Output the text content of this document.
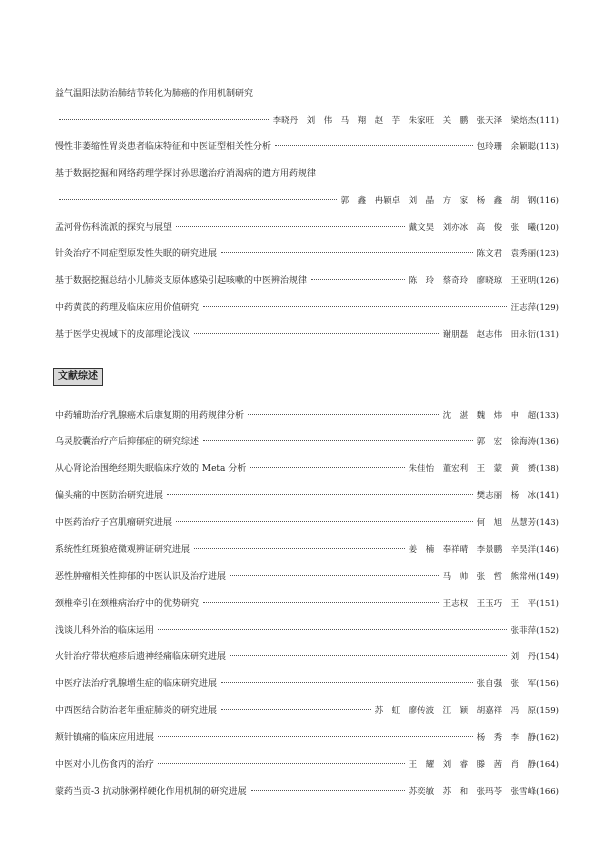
益气温阳法防治肺结节转化为肺癌的作用机制研究
李晓丹　刘　伟　马　翔　赵　芋　朱家旺　关　鹏　张天泽　梁焙杰 (111)
慢性非萎缩性胃炎患者临床特征和中医证型相关性分析	包玲珊　余颖聪 (113)
基于数据挖掘和网络药理学探讨孙思邈治疗消渴病的遣方用药规律
郭　鑫　冉颖卓　刘　晶　方　家　杨　鑫　胡　钢 (116)
孟河骨伤科流派的探究与展望	戴文昊　刘亦冰　高　俊　张　曦 (120)
针灸治疗不同症型原发性失眠的研究进展	陈文君　袁秀丽 (123)
基于数据挖掘总结小儿肺炎支原体感染引起咳嗽的中医辨治规律	陈　玲　蔡奇玲　廖晓琼　王亚明 (126)
中药黄芪的药理及临床应用价值研究	汪志萍 (129)
基于医学史视域下的皮部理论浅议	谢朋磊　赵志伟　田永衍 (131)
文献综述
中药辅助治疗乳腺癌术后康复期的用药规律分析	沈　湛　魏　炜　申　超 (133)
乌灵胶囊治疗产后抑郁症的研究综述	郭　宏　徐海涛 (136)
从心肾论治围绝经期失眠临床疗效的 Meta 分析	朱佳怡　董宏利　王　蒙　黄　赟 (138)
偏头痛的中医防治研究进展	樊志丽　杨　冰 (141)
中医药治疗子宫肌瘤研究进展	何　旭　丛慧芳 (143)
系统性红斑狼疮微观辨证研究进展	姜　楠　奉祥晴　李景鹏　辛昊洋 (146)
恶性肿瘤相关性抑郁的中医认识及治疗进展	马　帅　张　哲　熊常州 (149)
颈椎牵引在颈椎病治疗中的优势研究	王志权　王玉巧　王　平 (151)
浅谈儿科外治的临床运用	张菲萍 (152)
火针治疗带状疱疹后遗神经痛临床研究进展	刘　丹 (154)
中医疗法治疗乳腺增生症的临床研究进展	张自强　张　军 (156)
中西医结合防治老年重症肺炎的研究进展	苏　虹　廖传波　江　颖　胡嘉祥　冯　原 (159)
颊针镇痛的临床应用进展	杨　秀　李　静 (162)
中医对小儿伤食丙的治疗	王　耀　刘　睿　滕　茜　肖　静 (164)
蒙药当贡-3 抗动脉粥样硬化作用机制的研究进展	苏奕敏　苏　和　张玛苓　张雪峰 (166)
